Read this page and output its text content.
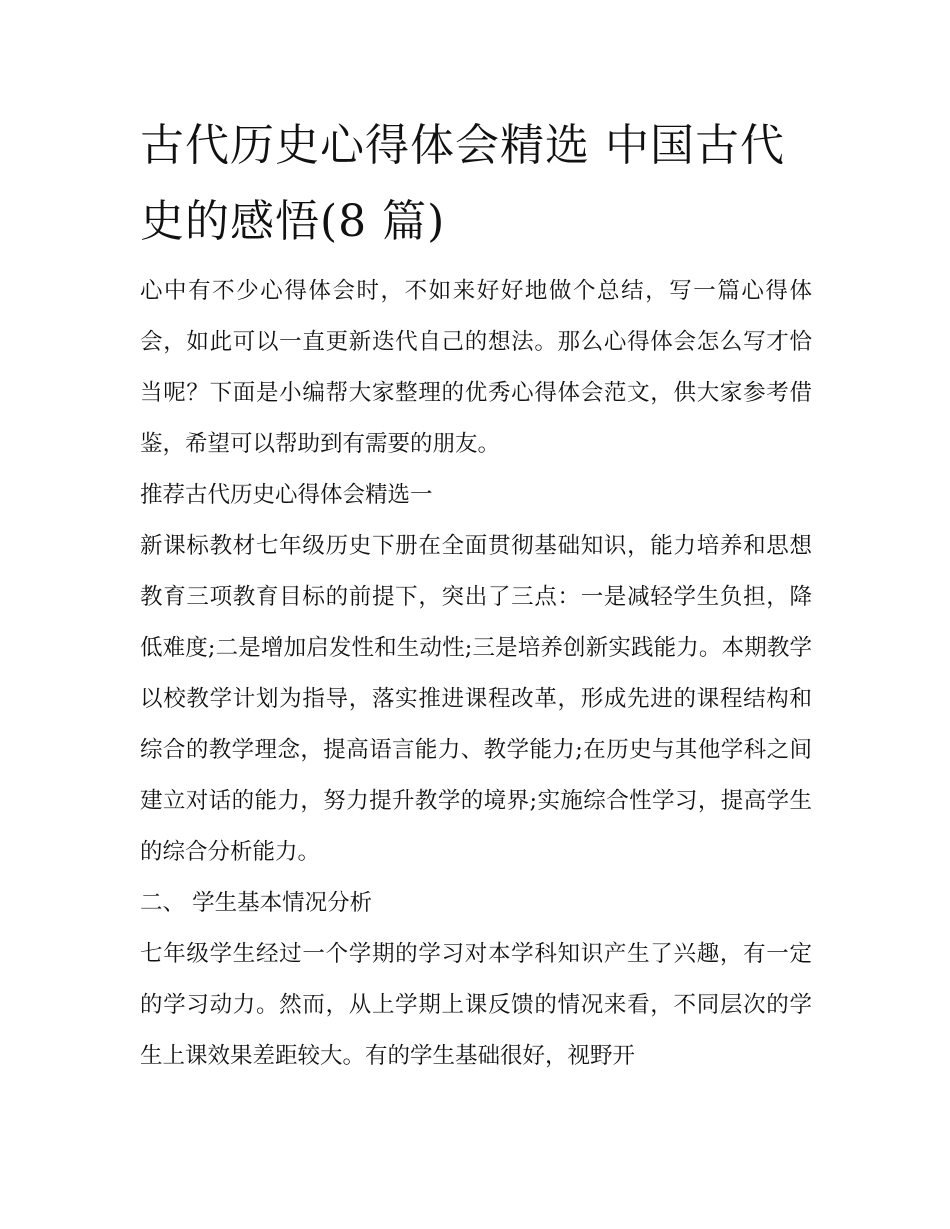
古代历史心得体会精选 中国古代史的感悟(8 篇)

心中有不少心得体会时，不如来好好地做个总结，写一篇心得体会，如此可以一直更新迭代自己的想法。那么心得体会怎么写才恰当呢？下面是小编帮大家整理的优秀心得体会范文，供大家参考借鉴，希望可以帮助到有需要的朋友。

推荐古代历史心得体会精选一

新课标教材七年级历史下册在全面贯彻基础知识，能力培养和思想教育三项教育目标的前提下，突出了三点：一是减轻学生负担，降低难度;二是增加启发性和生动性;三是培养创新实践能力。本期教学以校教学计划为指导，落实推进课程改革，形成先进的课程结构和综合的教学理念，提高语言能力、教学能力;在历史与其他学科之间建立对话的能力，努力提升教学的境界;实施综合性学习，提高学生的综合分析能力。

二、 学生基本情况分析

七年级学生经过一个学期的学习对本学科知识产生了兴趣，有一定的学习动力。然而，从上学期上课反馈的情况来看，不同层次的学生上课效果差距较大。有的学生基础很好，视野开
